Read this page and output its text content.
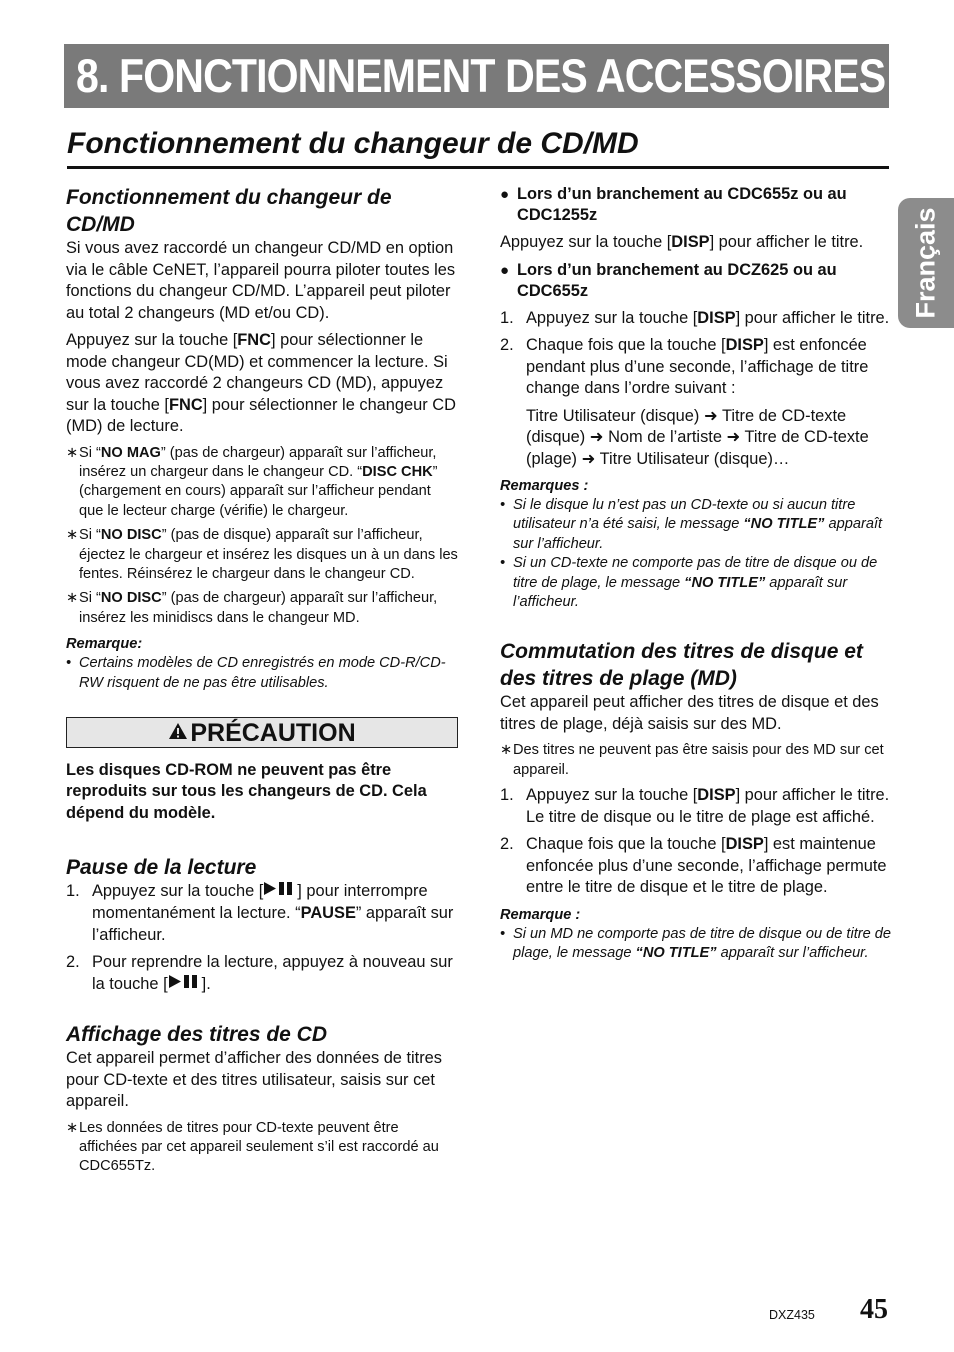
8. FONCTIONNEMENT DES ACCESSOIRES
Fonctionnement du changeur de CD/MD
Français
Fonctionnement du changeur de CD/MD

Si vous avez raccordé un changeur CD/MD en option via le câble CeNET, l’appareil pourra piloter toutes les fonctions du changeur CD/MD. L’appareil peut piloter au total 2 changeurs (MD et/ou CD).

Appuyez sur la touche [FNC] pour sélectionner le mode changeur CD(MD) et commencer la lecture. Si vous avez raccordé 2 changeurs CD (MD), appuyez sur la touche [FNC] pour sélectionner le changeur CD (MD) de lecture.

∗ Si “NO MAG” (pas de chargeur) apparaît sur l’afficheur, insérez un chargeur dans le changeur CD. “DISC CHK” (chargement en cours) apparaît sur l’afficheur pendant que le lecteur charge (vérifie) le chargeur.
∗ Si “NO DISC” (pas de disque) apparaît sur l’afficheur, éjectez le chargeur et insérez les disques un à un dans les fentes. Réinsérez le chargeur dans le changeur CD.
∗ Si “NO DISC” (pas de chargeur) apparaît sur l’afficheur, insérez les minidiscs dans le changeur MD.
Remarque:
• Certains modèles de CD enregistrés en mode CD-R/CD-RW risquent de ne pas être utilisables.
PRÉCAUTION
Les disques CD-ROM ne peuvent pas être reproduits sur tous les changeurs de CD. Cela dépend du modèle.
Pause de la lecture
1. Appuyez sur la touche [ ] pour interrompre momentanément la lecture. “PAUSE” apparaît sur l’afficheur.
2. Pour reprendre la lecture, appuyez à nouveau sur la touche [ ].
Affichage des titres de CD

Cet appareil permet d’afficher des données de titres pour CD-texte et des titres utilisateur, saisis sur cet appareil.

∗ Les données de titres pour CD-texte peuvent être affichées par cet appareil seulement s’il est raccordé au CDC655Tz.
● Lors d’un branchement au CDC655z ou au CDC1255z

Appuyez sur la touche [DISP] pour afficher le titre.

● Lors d’un branchement au DCZ625 ou au CDC655z
1. Appuyez sur la touche [DISP] pour afficher le titre.
2. Chaque fois que la touche [DISP] est enfoncée pendant plus d’une seconde, l’affichage de titre change dans l’ordre suivant :
Titre Utilisateur (disque) ➜ Titre de CD-texte (disque) ➜ Nom de l’artiste ➜ Titre de CD-texte (plage) ➜ Titre Utilisateur (disque)…
Remarques :
• Si le disque lu n’est pas un CD-texte ou si aucun titre utilisateur n’a été saisi, le message “NO TITLE” apparaît sur l’afficheur.
• Si un CD-texte ne comporte pas de titre de disque ou de titre de plage, le message “NO TITLE” apparaît sur l’afficheur.
Commutation des titres de disque et des titres de plage (MD)

Cet appareil peut afficher des titres de disque et des titres de plage, déjà saisis sur des MD.

∗ Des titres ne peuvent pas être saisis pour des MD sur cet appareil.
1. Appuyez sur la touche [DISP] pour afficher le titre. Le titre de disque ou le titre de plage est affiché.
2. Chaque fois que la touche [DISP] est maintenue enfoncée plus d’une seconde, l’affichage permute entre le titre de disque et le titre de plage.
Remarque :
• Si un MD ne comporte pas de titre de disque ou de titre de plage, le message “NO TITLE” apparaît sur l’afficheur.
DXZ435 45
